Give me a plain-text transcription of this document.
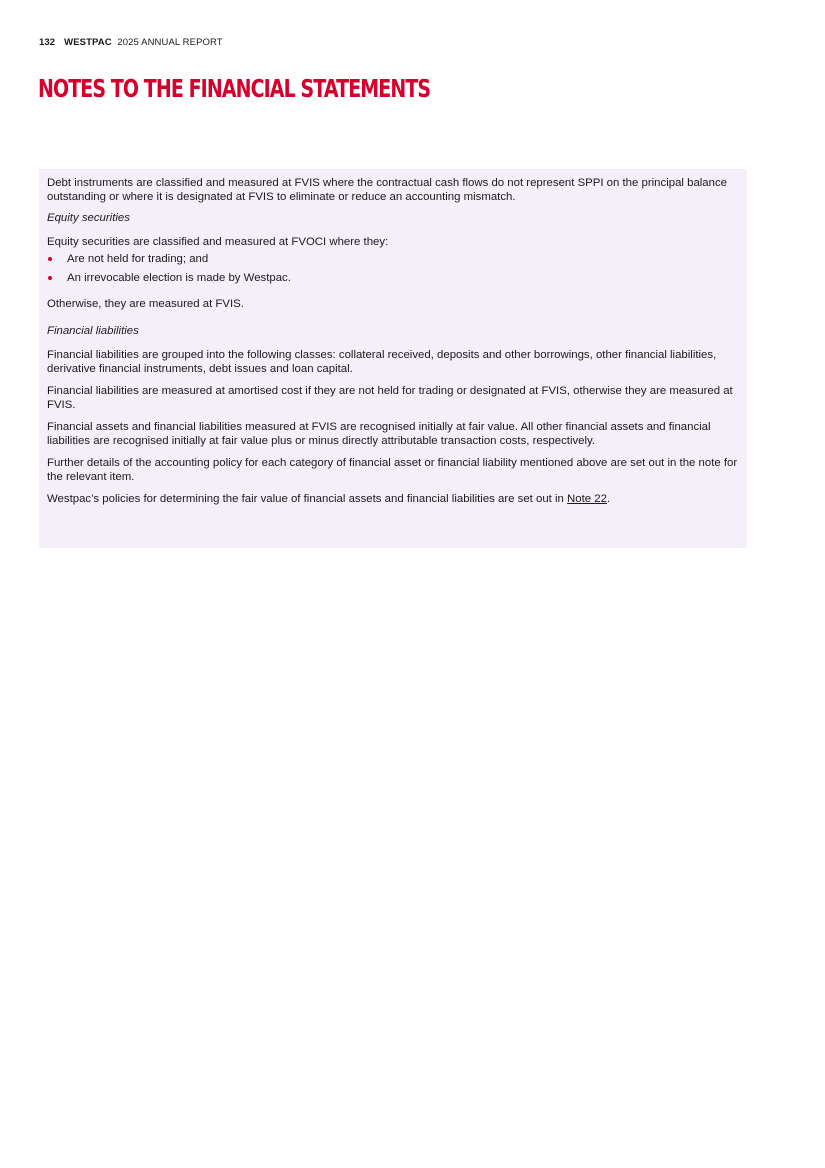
132 WESTPAC 2025 ANNUAL REPORT
NOTES TO THE FINANCIAL STATEMENTS

Debt instruments are classified and measured at FVIS where the contractual cash flows do not represent SPPI on the principal balance outstanding or where it is designated at FVIS to eliminate or reduce an accounting mismatch.

Equity securities

Equity securities are classified and measured at FVOCI where they:

Are not held for trading; and
An irrevocable election is made by Westpac.

Otherwise, they are measured at FVIS.

Financial liabilities

Financial liabilities are grouped into the following classes: collateral received, deposits and other borrowings, other financial liabilities, derivative financial instruments, debt issues and loan capital.

Financial liabilities are measured at amortised cost if they are not held for trading or designated at FVIS, otherwise they are measured at FVIS.

Financial assets and financial liabilities measured at FVIS are recognised initially at fair value. All other financial assets and financial liabilities are recognised initially at fair value plus or minus directly attributable transaction costs, respectively.

Further details of the accounting policy for each category of financial asset or financial liability mentioned above are set out in the note for the relevant item.

Westpac’s policies for determining the fair value of financial assets and financial liabilities are set out in Note 22.
